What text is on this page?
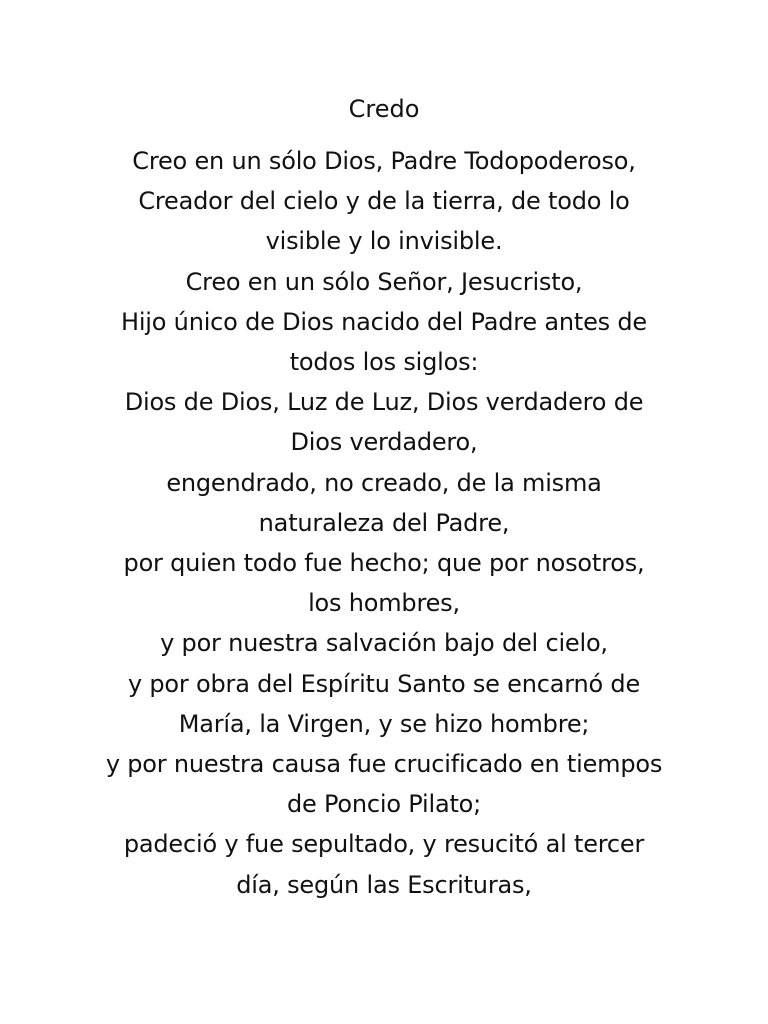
Credo
Creo en un sólo Dios, Padre Todopoderoso,
Creador del cielo y de la tierra, de todo lo
visible y lo invisible.
Creo en un sólo Señor, Jesucristo,
Hijo único de Dios nacido del Padre antes de
todos los siglos:
Dios de Dios, Luz de Luz, Dios verdadero de
Dios verdadero,
engendrado, no creado, de la misma
naturaleza del Padre,
por quien todo fue hecho; que por nosotros,
los hombres,
y por nuestra salvación bajo del cielo,
y por obra del Espíritu Santo se encarnó de
María, la Virgen, y se hizo hombre;
y por nuestra causa fue crucificado en tiempos
de Poncio Pilato;
padeció y fue sepultado, y resucitó al tercer
día, según las Escrituras,
